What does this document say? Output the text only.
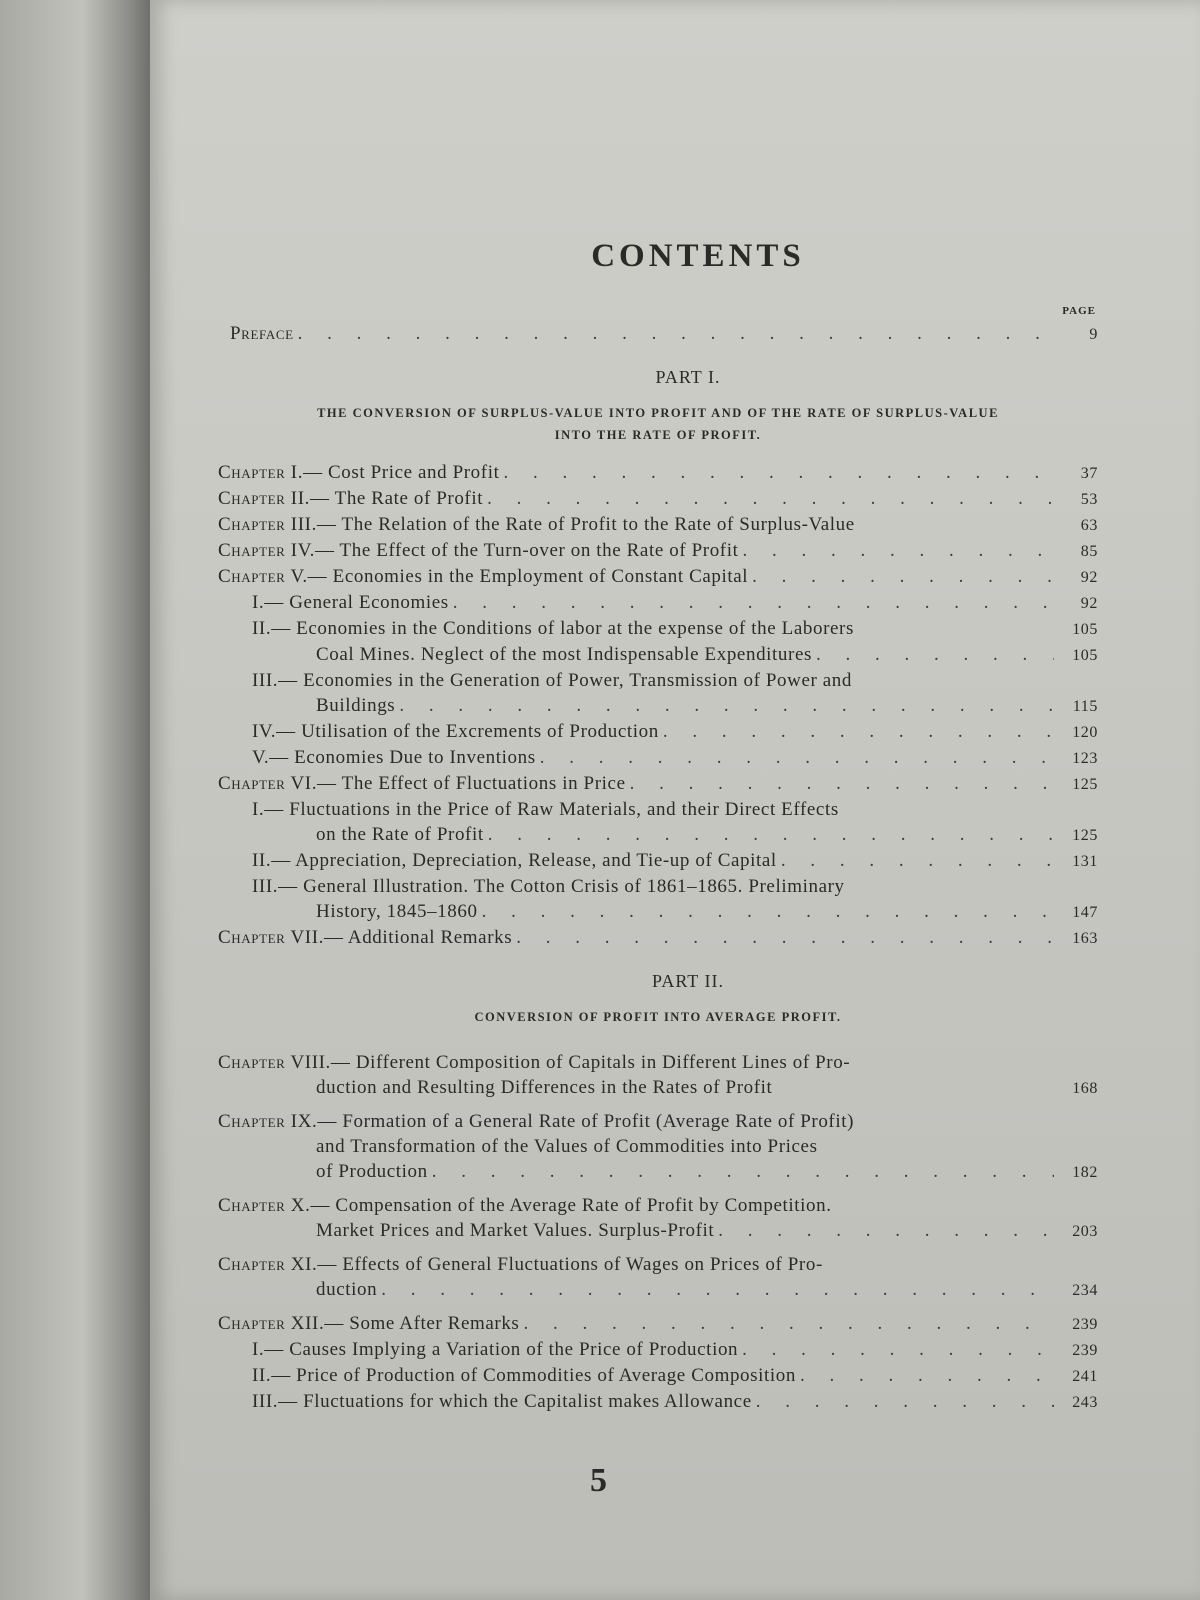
CONTENTS
PAGE
Preface . . .	9
PART I.
THE CONVERSION OF SURPLUS-VALUE INTO PROFIT AND OF THE RATE OF SURPLUS-VALUE
INTO THE RATE OF PROFIT.
Chapter I.— Cost Price and Profit . . .	37
Chapter II.— The Rate of Profit . . .	53
Chapter III.— The Relation of the Rate of Profit to the Rate of Surplus-Value	63
Chapter IV.— The Effect of the Turn-over on the Rate of Profit . . .	85
Chapter V.— Economies in the Employment of Constant Capital . . .	92
I.— General Economies . . .	92
II.— Economies in the Conditions of labor at the expense of the Laborers	105
Coal Mines. Neglect of the most Indispensable Expenditures . . .	105
III.— Economies in the Generation of Power, Transmission of Power and
Buildings . . .	115
IV.— Utilisation of the Excrements of Production . . .	120
V.— Economies Due to Inventions . . .	123
Chapter VI.— The Effect of Fluctuations in Price . . .	125
I.— Fluctuations in the Price of Raw Materials, and their Direct Effects
on the Rate of Profit . . .	125
II.— Appreciation, Depreciation, Release, and Tie-up of Capital . . .	131
III.— General Illustration. The Cotton Crisis of 1861–1865. Preliminary
History, 1845–1860 . . .	147
Chapter VII.— Additional Remarks . . .	163
PART II.
CONVERSION OF PROFIT INTO AVERAGE PROFIT.
Chapter VIII.— Different Composition of Capitals in Different Lines of Pro-
duction and Resulting Differences in the Rates of Profit	168
Chapter IX.— Formation of a General Rate of Profit (Average Rate of Profit)
and Transformation of the Values of Commodities into Prices
of Production . . .	182
Chapter X.— Compensation of the Average Rate of Profit by Competition.
Market Prices and Market Values. Surplus-Profit . . .	203
Chapter XI.— Effects of General Fluctuations of Wages on Prices of Pro-
duction . . .	234
Chapter XII.— Some After Remarks . . .	239
I.— Causes Implying a Variation of the Price of Production . . .	239
II.— Price of Production of Commodities of Average Composition . . .	241
III.— Fluctuations for which the Capitalist makes Allowance . . .	243
5
